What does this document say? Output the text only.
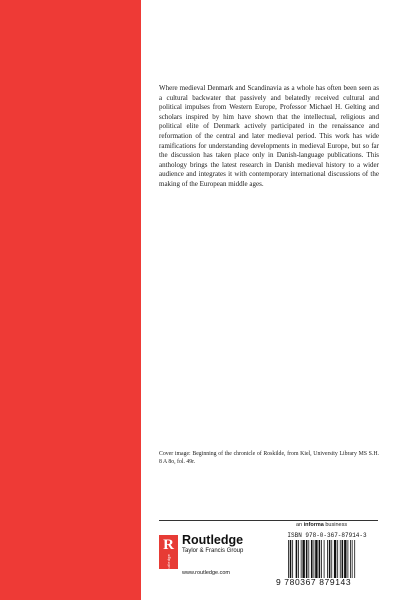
Where medieval Denmark and Scandinavia as a whole has often been seen as a cultural backwater that passively and belatedly received cultural and political impulses from Western Europe, Professor Michael H. Gelting and scholars inspired by him have shown that the intellectual, religious and political elite of Denmark actively participated in the renaissance and reformation of the central and later medieval period. This work has wide ramifications for understanding developments in medieval Europe, but so far the discussion has taken place only in Danish-language publications. This anthology brings the latest research in Danish medieval history to a wider audience and integrates it with contemporary international discussions of the making of the European middle ages.

Cover image: Beginning of the chronicle of Roskilde, from Kiel, University Library MS S.H. 8 A 8o, fol. 49r.

an informa business
R
Routledge
Routledge
Taylor & Francis Group
www.routledge.com
ISBN 978-0-367-87914-3
9 780367 879143
